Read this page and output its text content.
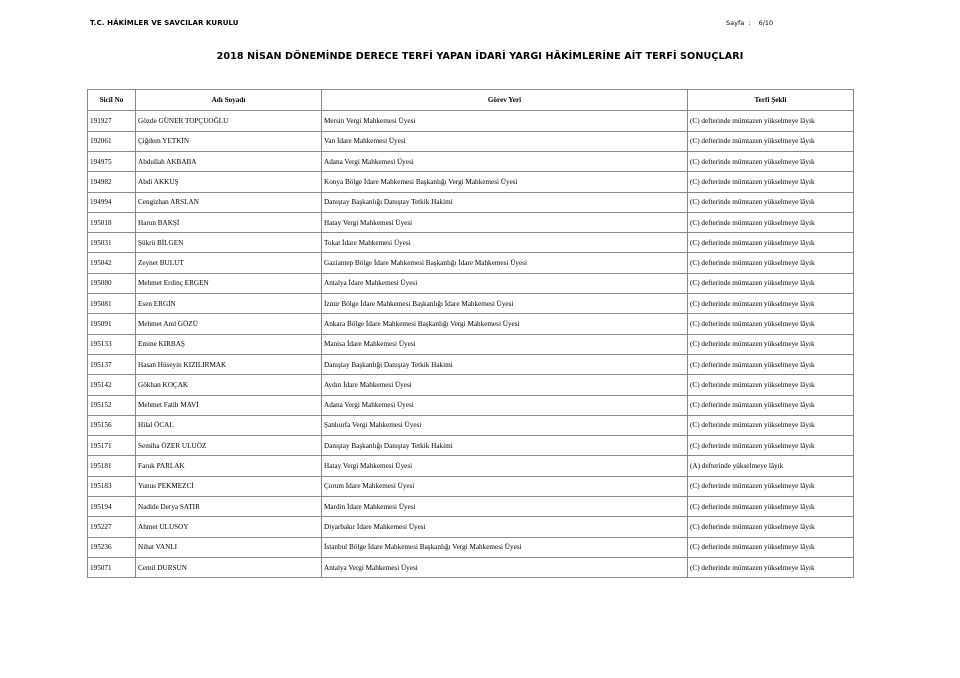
T.C. HÂKİMLER VE SAVCILAR KURULU	Sayfa : 6/10
2018 NİSAN DÖNEMİNDE DERECE TERFİ YAPAN İDARİ YARGI HÂKİMLERİNE AİT TERFİ SONUÇLARI
Sicil No	Adı Soyadı	Görev Yeri	Terfi Şekli
191927	Gözde GÜNER TOPÇUOĞLU	Mersin Vergi Mahkemesi Üyesi	(C) defterinde mümtazen yükselmeye lâyık
192061	Çiğdem YETKİN	Van İdare Mahkemesi Üyesi	(C) defterinde mümtazen yükselmeye lâyık
194975	Abdullah AKBABA	Adana Vergi Mahkemesi Üyesi	(C) defterinde mümtazen yükselmeye lâyık
194982	Abdi AKKUŞ	Konya Bölge İdare Mahkemesi Başkanlığı Vergi Mahkemesi Üyesi	(C) defterinde mümtazen yükselmeye lâyık
194994	Cengizhan ARSLAN	Danıştay Başkanlığı Danıştay Tetkik Hakimi	(C) defterinde mümtazen yükselmeye lâyık
195018	Harun BAKŞİ	Hatay Vergi Mahkemesi Üyesi	(C) defterinde mümtazen yükselmeye lâyık
195031	Şükrü BİLGEN	Tokat İdare Mahkemesi Üyesi	(C) defterinde mümtazen yükselmeye lâyık
195042	Zeynet BULUT	Gaziantep Bölge İdare Mahkemesi Başkanlığı İdare Mahkemesi Üyesi	(C) defterinde mümtazen yükselmeye lâyık
195080	Mehmet Erdinç ERGEN	Antalya İdare Mahkemesi Üyesi	(C) defterinde mümtazen yükselmeye lâyık
195081	Esen ERGİN	İzmir Bölge İdare Mahkemesi Başkanlığı İdare Mahkemesi Üyesi	(C) defterinde mümtazen yükselmeye lâyık
195091	Mehmet Anıl GÖZÜ	Ankara Bölge İdare Mahkemesi Başkanlığı Vergi Mahkemesi Üyesi	(C) defterinde mümtazen yükselmeye lâyık
195133	Emine KIRBAŞ	Manisa İdare Mahkemesi Üyesi	(C) defterinde mümtazen yükselmeye lâyık
195137	Hasan Hüseyin KIZILIRMAK	Danıştay Başkanlığı Danıştay Tetkik Hakimi	(C) defterinde mümtazen yükselmeye lâyık
195142	Gökhan KOÇAK	Aydın İdare Mahkemesi Üyesi	(C) defterinde mümtazen yükselmeye lâyık
195152	Mehmet Fatih MAVİ	Adana Vergi Mahkemesi Üyesi	(C) defterinde mümtazen yükselmeye lâyık
195156	Hilal ÖCAL	Şanlıurfa Vergi Mahkemesi Üyesi	(C) defterinde mümtazen yükselmeye lâyık
195171	Semiha ÖZER ULUÖZ	Danıştay Başkanlığı Danıştay Tetkik Hakimi	(C) defterinde mümtazen yükselmeye lâyık
195181	Faruk PARLAK	Hatay Vergi Mahkemesi Üyesi	(A) defterinde yükselmeye lâyık
195183	Yunus PEKMEZCİ	Çorum İdare Mahkemesi Üyesi	(C) defterinde mümtazen yükselmeye lâyık
195194	Nadide Derya SATIR	Mardin İdare Mahkemesi Üyesi	(C) defterinde mümtazen yükselmeye lâyık
195227	Ahmet ULUSOY	Diyarbakır İdare Mahkemesi Üyesi	(C) defterinde mümtazen yükselmeye lâyık
195236	Nihat VANLI	İstanbul Bölge İdare Mahkemesi Başkanlığı Vergi Mahkemesi Üyesi	(C) defterinde mümtazen yükselmeye lâyık
195071	Cemil DURSUN	Antalya Vergi Mahkemesi Üyesi	(C) defterinde mümtazen yükselmeye lâyık
